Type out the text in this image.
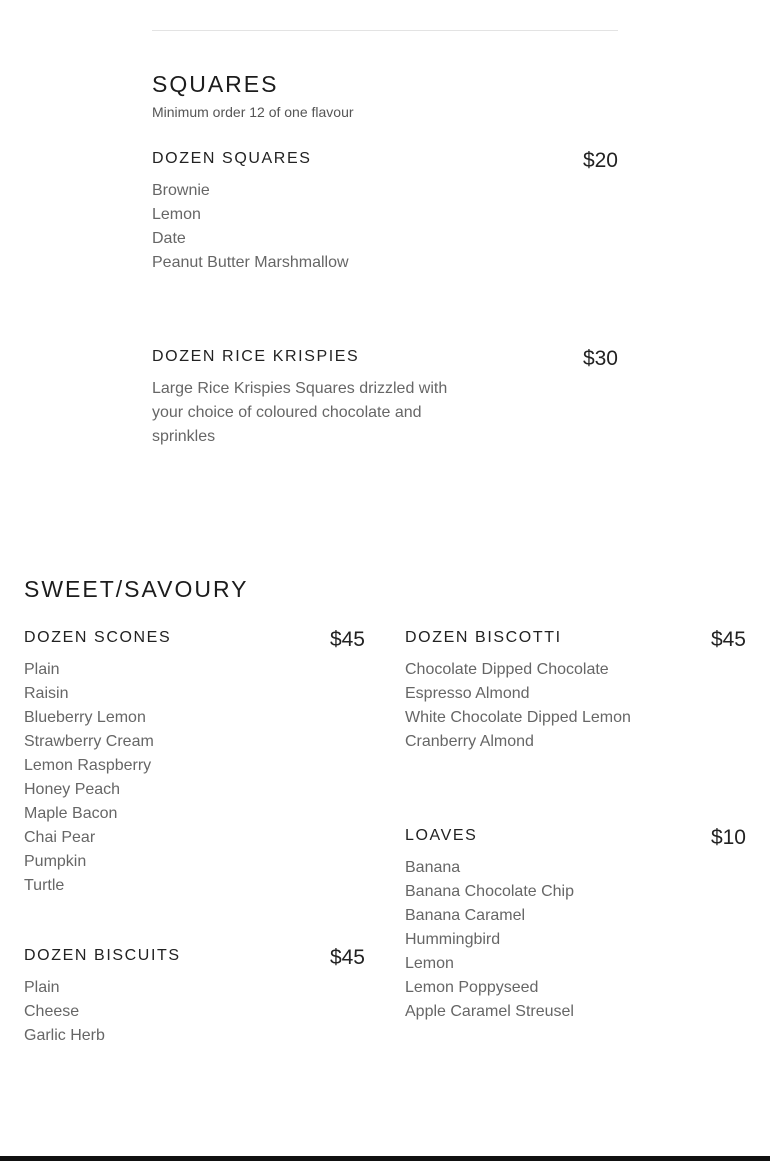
SQUARES

Minimum order 12 of one flavour

DOZEN SQUARES	$20
Brownie
Lemon
Date
Peanut Butter Marshmallow
DOZEN RICE KRISPIES	$30

Large Rice Krispies Squares drizzled with your choice of coloured chocolate and sprinkles

SWEET/SAVOURY
DOZEN SCONES	$45
Plain
Raisin
Blueberry Lemon
Strawberry Cream
Lemon Raspberry
Honey Peach
Maple Bacon
Chai Pear
Pumpkin
Turtle
DOZEN BISCOTTI	$45
Chocolate Dipped Chocolate
Espresso Almond
White Chocolate Dipped Lemon
Cranberry Almond
LOAVES	$10
Banana
Banana Chocolate Chip
Banana Caramel
Hummingbird
Lemon
Lemon Poppyseed
Apple Caramel Streusel
DOZEN BISCUITS	$45
Plain
Cheese
Garlic Herb
